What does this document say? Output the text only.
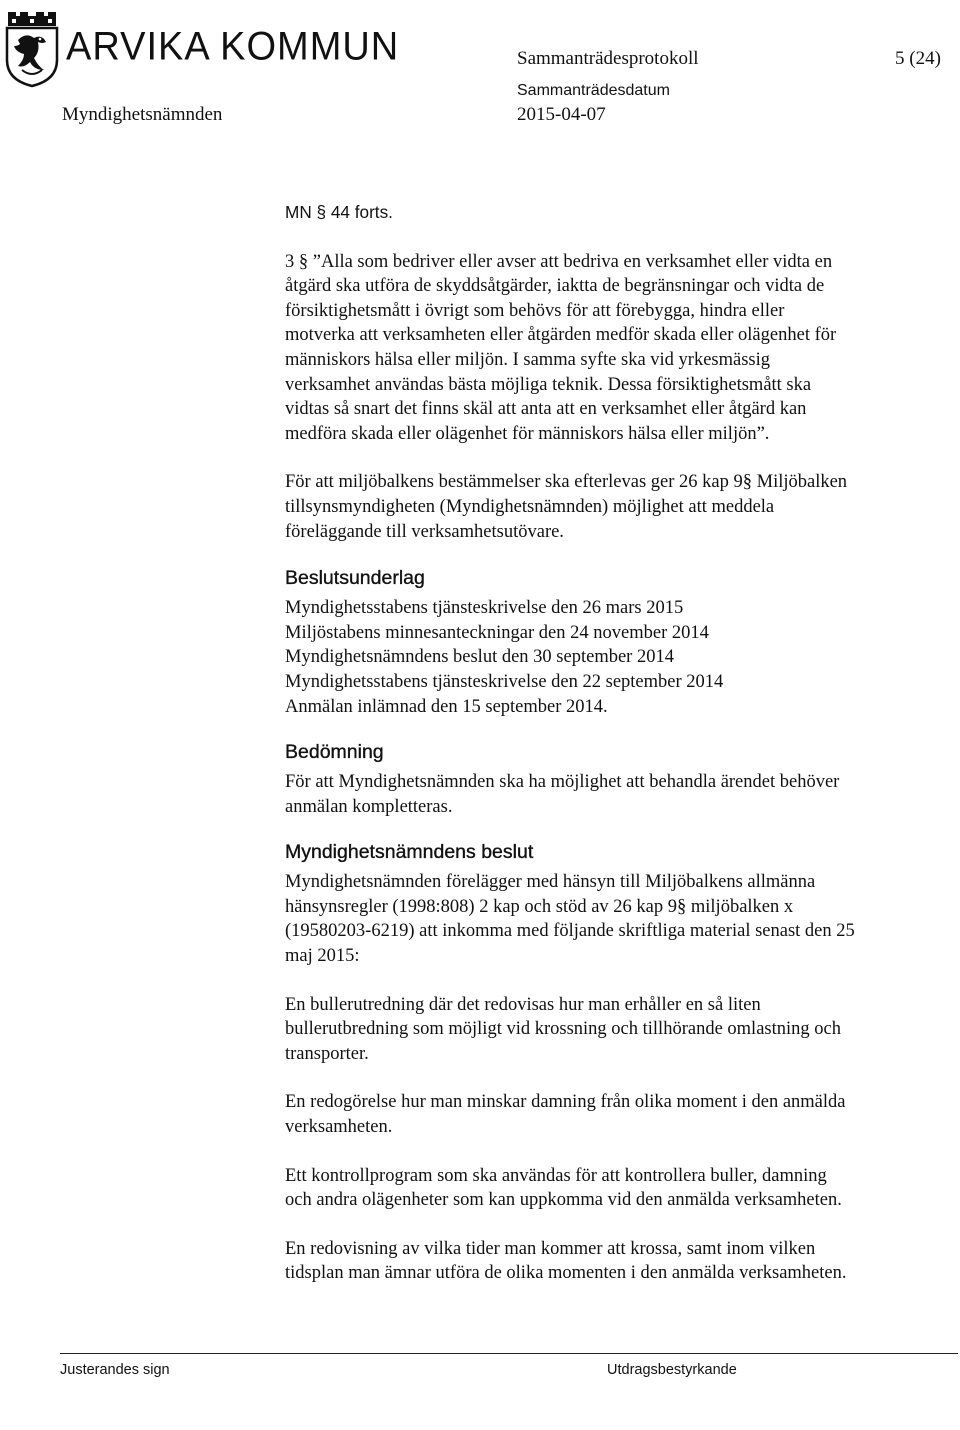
ARVIKA KOMMUN	Sammanträdesprotokoll	5 (24)
Myndighetsnämnden
Sammanträdesdatum
2015-04-07
MN § 44 forts.
3 § ”Alla som bedriver eller avser att bedriva en verksamhet eller vidta en
åtgärd ska utföra de skyddsåtgärder, iaktta de begränsningar och vidta de
försiktighetsmått i övrigt som behövs för att förebygga, hindra eller
motverka att verksamheten eller åtgärden medför skada eller olägenhet för
människors hälsa eller miljön. I samma syfte ska vid yrkesmässig
verksamhet användas bästa möjliga teknik. Dessa försiktighetsmått ska
vidtas så snart det finns skäl att anta att en verksamhet eller åtgärd kan
medföra skada eller olägenhet för människors hälsa eller miljön”.
För att miljöbalkens bestämmelser ska efterlevas ger 26 kap 9§ Miljöbalken
tillsynsmyndigheten (Myndighetsnämnden) möjlighet att meddela
föreläggande till verksamhetsutövare.
Beslutsunderlag
Myndighetsstabens tjänsteskrivelse den 26 mars 2015
Miljöstabens minnesanteckningar den 24 november 2014
Myndighetsnämndens beslut den 30 september 2014
Myndighetsstabens tjänsteskrivelse den 22 september 2014
Anmälan inlämnad den 15 september 2014.
Bedömning
För att Myndighetsnämnden ska ha möjlighet att behandla ärendet behöver
anmälan kompletteras.
Myndighetsnämndens beslut
Myndighetsnämnden förelägger med hänsyn till Miljöbalkens allmänna
hänsynsregler (1998:808) 2 kap och stöd av 26 kap 9§ miljöbalken x
(19580203-6219) att inkomma med följande skriftliga material senast den 25
maj 2015:
En bullerutredning där det redovisas hur man erhåller en så liten
bullerutbredning som möjligt vid krossning och tillhörande omlastning och
transporter.
En redogörelse hur man minskar damning från olika moment i den anmälda
verksamheten.
Ett kontrollprogram som ska användas för att kontrollera buller, damning
och andra olägenheter som kan uppkomma vid den anmälda verksamheten.
En redovisning av vilka tider man kommer att krossa, samt inom vilken
tidsplan man ämnar utföra de olika momenten i den anmälda verksamheten.
Justerandes sign	Utdragsbestyrkande
